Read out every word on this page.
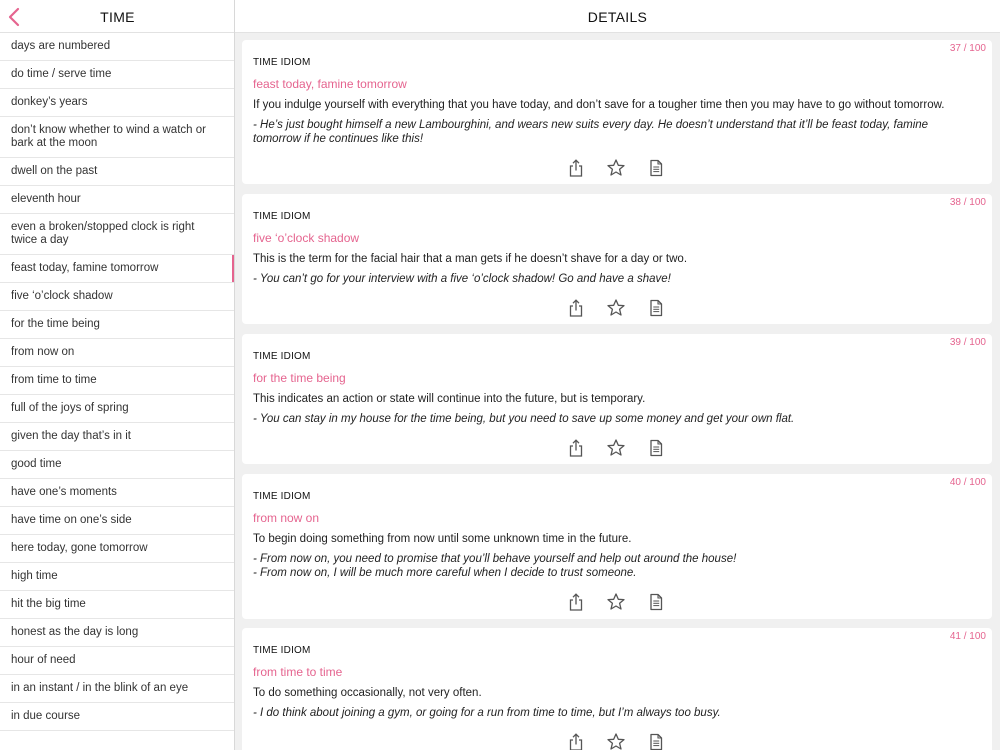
days are numbered
do time / serve time
donkey’s years
don’t know whether to wind a watch or bark at the moon
dwell on the past
eleventh hour
even a broken/stopped clock is right twice a day
feast today, famine tomorrow
five ‘o’clock shadow
for the time being
from now on
from time to time
full of the joys of spring
given the day that’s in it
good time
have one’s moments
have time on one’s side
here today, gone tomorrow
high time
hit the big time
honest as the day is long
hour of need
in an instant / in the blink of an eye
in due course
TIME
37 / 100
TIME IDIOM
feast today, famine tomorrow
If you indulge yourself with everything that you have today, and don’t save for a tougher time then you may have to go without tomorrow.
- He’s just bought himself a new Lambourghini, and wears new suits every day. He doesn’t understand that it’ll be feast today, famine tomorrow if he continues like this!
38 / 100
TIME IDIOM
five ‘o’clock shadow
This is the term for the facial hair that a man gets if he doesn’t shave for a day or two.
- You can’t go for your interview with a five ‘o’clock shadow! Go and have a shave!
39 / 100
TIME IDIOM
for the time being
This indicates an action or state will continue into the future, but is temporary.
- You can stay in my house for the time being, but you need to save up some money and get your own flat.
40 / 100
TIME IDIOM
from now on
To begin doing something from now until some unknown time in the future.
- From now on, you need to promise that you’ll behave yourself and help out around the house!
- From now on, I will be much more careful when I decide to trust someone.
41 / 100
TIME IDIOM
from time to time
To do something occasionally, not very often.
- I do think about joining a gym, or going for a run from time to time, but I’m always too busy.
DETAILS
